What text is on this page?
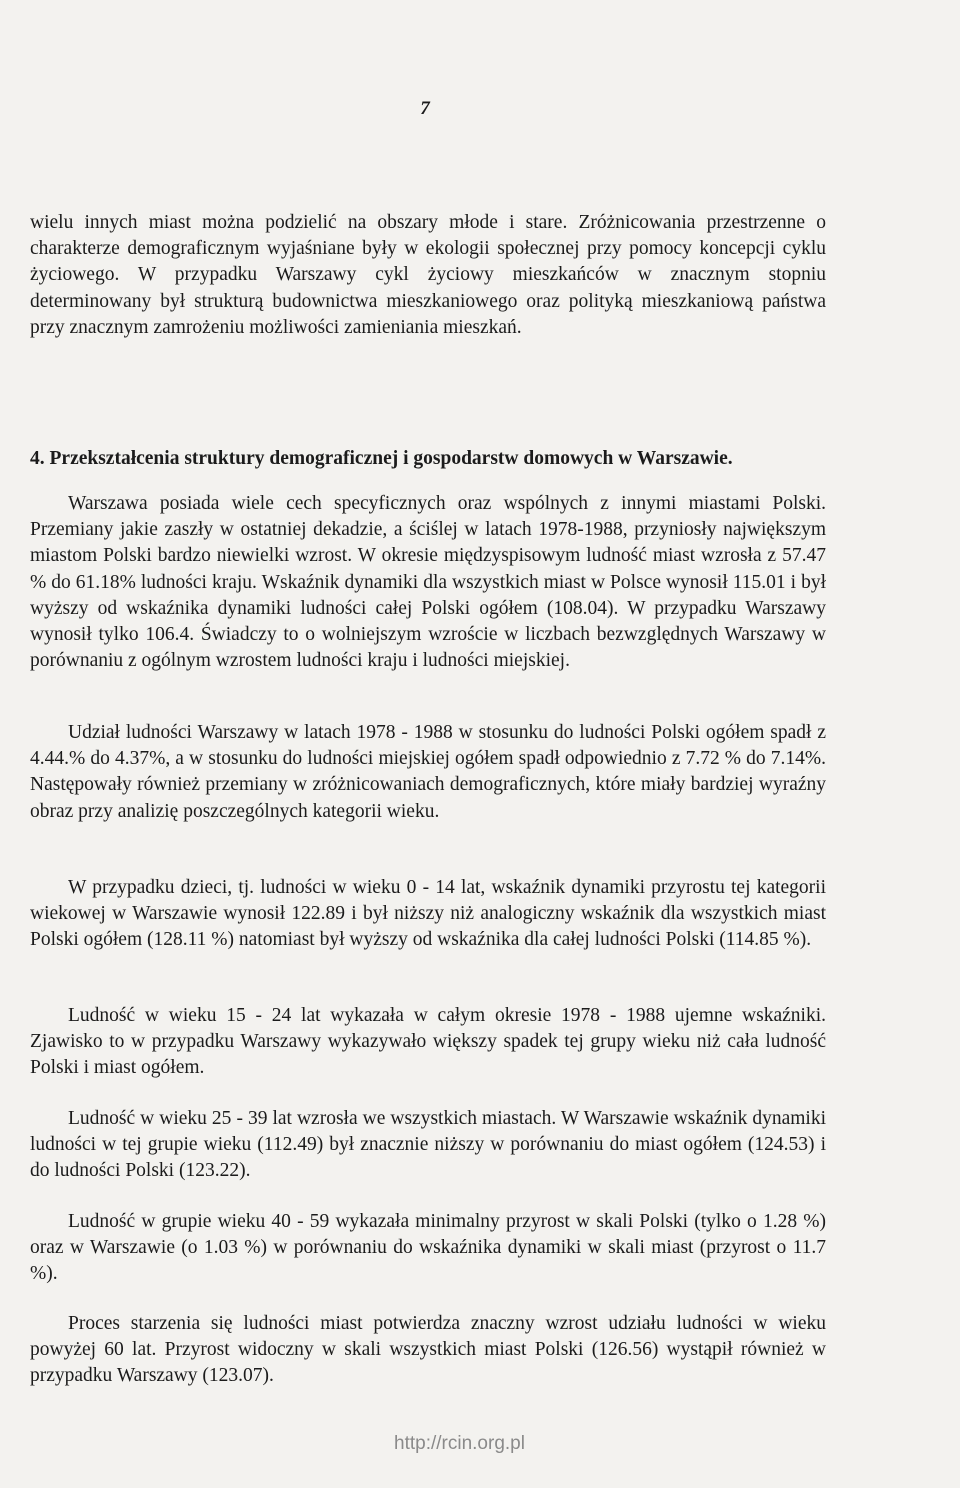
7

wielu innych miast można podzielić na obszary młode i stare. Zróżnicowania przestrzenne o charakterze demograficznym wyjaśniane były w ekologii społecznej przy pomocy koncepcji cyklu życiowego. W przypadku Warszawy cykl życiowy mieszkańców w znacznym stopniu determinowany był strukturą budownictwa mieszkaniowego oraz polityką mieszkaniową państwa przy znacznym zamrożeniu możliwości zamieniania mieszkań.

4. Przekształcenia struktury demograficznej i gospodarstw domowych w Warszawie.

Warszawa posiada wiele cech specyficznych oraz wspólnych z innymi miastami Polski. Przemiany jakie zaszły w ostatniej dekadzie, a ściślej w latach 1978-1988, przyniosły największym miastom Polski bardzo niewielki wzrost. W okresie międzyspisowym ludność miast wzrosła z 57.47 % do 61.18% ludności kraju. Wskaźnik dynamiki dla wszystkich miast w Polsce wynosił 115.01 i był wyższy od wskaźnika dynamiki ludności całej Polski ogółem (108.04). W przypadku Warszawy wynosił tylko 106.4. Świadczy to o wolniejszym wzroście w liczbach bezwzględnych Warszawy w porównaniu z ogólnym wzrostem ludności kraju i ludności miejskiej.

Udział ludności Warszawy w latach 1978 - 1988 w stosunku do ludności Polski ogółem spadł z 4.44.% do 4.37%, a w stosunku do ludności miejskiej ogółem spadł odpowiednio z 7.72 % do 7.14%. Następowały również przemiany w zróżnicowaniach demograficznych, które miały bardziej wyraźny obraz przy analizię poszczególnych kategorii wieku.

W przypadku dzieci, tj. ludności w wieku 0 - 14 lat, wskaźnik dynamiki przyrostu tej kategorii wiekowej w Warszawie wynosił 122.89 i był niższy niż analogiczny wskaźnik dla wszystkich miast Polski ogółem (128.11 %) natomiast był wyższy od wskaźnika dla całej ludności Polski (114.85 %).

Ludność w wieku 15 - 24 lat wykazała w całym okresie 1978 - 1988 ujemne wskaźniki. Zjawisko to w przypadku Warszawy wykazywało większy spadek tej grupy wieku niż cała ludność Polski i miast ogółem.

Ludność w wieku 25 - 39 lat wzrosła we wszystkich miastach. W Warszawie wskaźnik dynamiki ludności w tej grupie wieku (112.49) był znacznie niższy w porównaniu do miast ogółem (124.53) i do ludności Polski (123.22).

Ludność w grupie wieku 40 - 59 wykazała minimalny przyrost w skali Polski (tylko o 1.28 %) oraz w Warszawie (o 1.03 %) w porównaniu do wskaźnika dynamiki w skali miast (przyrost o 11.7 %).

Proces starzenia się ludności miast potwierdza znaczny wzrost udziału ludności w wieku powyżej 60 lat. Przyrost widoczny w skali wszystkich miast Polski (126.56) wystąpił również w przypadku Warszawy (123.07).

http://rcin.org.pl
